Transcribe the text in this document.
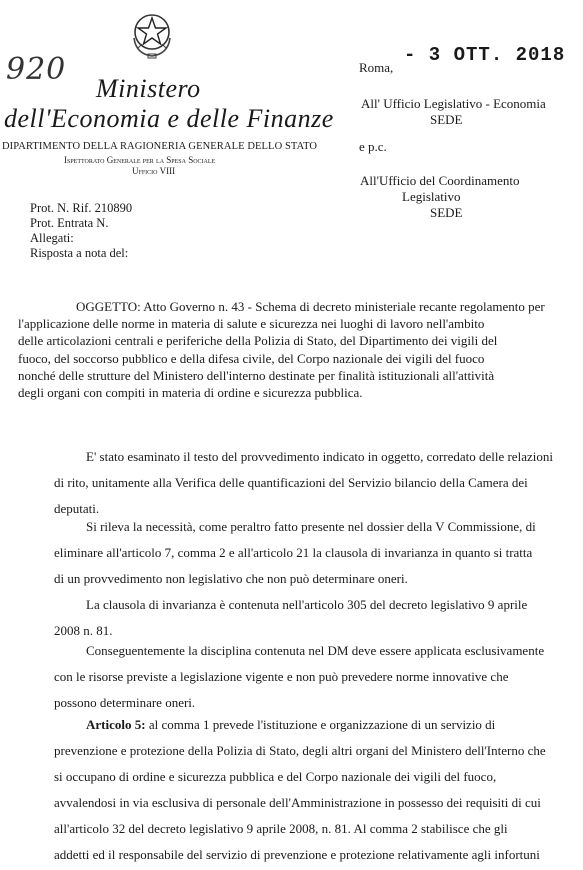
920
Ministero
dell'Economia e delle Finanze
DIPARTIMENTO DELLA RAGIONERIA GENERALE DELLO STATO
Ispettorato Generale per la Spesa Sociale
Ufficio VIII
Roma,
- 3 OTT. 2018
All' Ufficio Legislativo - Economia
SEDE
e p.c.
All'Ufficio del Coordinamento
Legislativo
SEDE
Prot. N. Rif. 210890
Prot. Entrata N.
Allegati:
Risposta a nota del:
OGGETTO: Atto Governo n. 43 - Schema di decreto ministeriale recante regolamento per
l'applicazione delle norme in materia di salute e sicurezza nei luoghi di lavoro nell'ambito
delle articolazioni centrali e periferiche della Polizia di Stato, del Dipartimento dei vigili del
fuoco, del soccorso pubblico e della difesa civile, del Corpo nazionale dei vigili del fuoco
nonché delle strutture del Ministero dell'interno destinate per finalità istituzionali all'attività
degli organi con compiti in materia di ordine e sicurezza pubblica.
E' stato esaminato il testo del provvedimento indicato in oggetto, corredato delle relazioni
di rito, unitamente alla Verifica delle quantificazioni del Servizio bilancio della Camera dei
deputati.
Si rileva la necessità, come peraltro fatto presente nel dossier della V Commissione, di
eliminare all'articolo 7, comma 2 e all'articolo 21 la clausola di invarianza in quanto si tratta
di un provvedimento non legislativo che non può determinare oneri.
La clausola di invarianza è contenuta nell'articolo 305 del decreto legislativo 9 aprile
2008 n. 81.
Conseguentemente la disciplina contenuta nel DM deve essere applicata esclusivamente
con le risorse previste a legislazione vigente e non può prevedere norme innovative che
possono determinare oneri.
Articolo 5: al comma 1 prevede l'istituzione e organizzazione di un servizio di
prevenzione e protezione della Polizia di Stato, degli altri organi del Ministero dell'Interno che
si occupano di ordine e sicurezza pubblica e del Corpo nazionale dei vigili del fuoco,
avvalendosi in via esclusiva di personale dell'Amministrazione in possesso dei requisiti di cui
all'articolo 32 del decreto legislativo 9 aprile 2008, n. 81. Al comma 2 stabilisce che gli
addetti ed il responsabile del servizio di prevenzione e protezione relativamente agli infortuni
